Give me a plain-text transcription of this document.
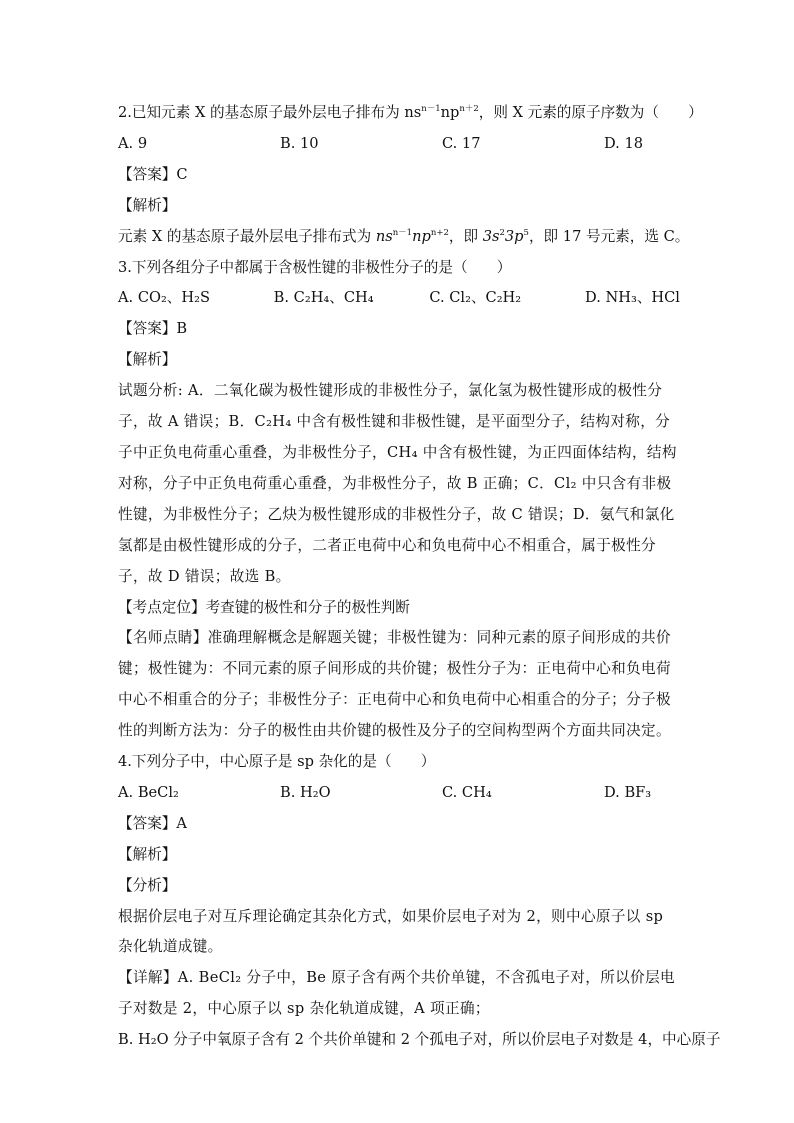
2.已知元素 X 的基态原子最外层电子排布为 $ns^{n-1}np^{n+2}$，则 X 元素的原子序数为（　　）
A. 9	B. 10	C. 17	D. 18
【答案】C
【解析】
元素 X 的基态原子最外层电子排布式为 $ns^{n-1}np^{n+2}$，即 $3s^23p^5$，即 17 号元素，选 C。
3.下列各组分子中都属于含极性键的非极性分子的是（　　）
A. CO₂、H₂S	B. C₂H₄、CH₄	C. Cl₂、C₂H₂	D. NH₃、HCl
【答案】B
【解析】
试题分析: A．二氧化碳为极性键形成的非极性分子，氯化氢为极性键形成的极性分子，故 A 错误；B．C₂H₄ 中含有极性键和非极性键，是平面型分子，结构对称，分子中正负电荷重心重叠，为非极性分子，CH₄ 中含有极性键，为正四面体结构，结构对称，分子中正负电荷重心重叠，为非极性分子，故 B 正确；C．Cl₂ 中只含有非极性键，为非极性分子；乙炔为极性键形成的非极性分子，故 C 错误；D．氨气和氯化氢都是由极性键形成的分子，二者正电荷中心和负电荷中心不相重合，属于极性分子，故 D 错误；故选 B。
【考点定位】考查键的极性和分子的极性判断
【名师点睛】准确理解概念是解题关键；非极性键为：同种元素的原子间形成的共价键；极性键为：不同元素的原子间形成的共价键；极性分子为：正电荷中心和负电荷中心不相重合的分子；非极性分子：正电荷中心和负电荷中心相重合的分子；分子极性的判断方法为：分子的极性由共价键的极性及分子的空间构型两个方面共同决定。
4.下列分子中，中心原子是 sp 杂化的是（　　）
A. BeCl₂	B. H₂O	C. CH₄	D. BF₃
【答案】A
【解析】
【分析】
根据价层电子对互斥理论确定其杂化方式，如果价层电子对为 2，则中心原子以 sp 杂化轨道成键。
【详解】A. BeCl₂ 分子中，Be 原子含有两个共价单键，不含孤电子对，所以价层电子对数是 2，中心原子以 sp 杂化轨道成键，A 项正确；
B. H₂O 分子中氧原子含有 2 个共价单键和 2 个孤电子对，所以价层电子对数是 4，中心原子
